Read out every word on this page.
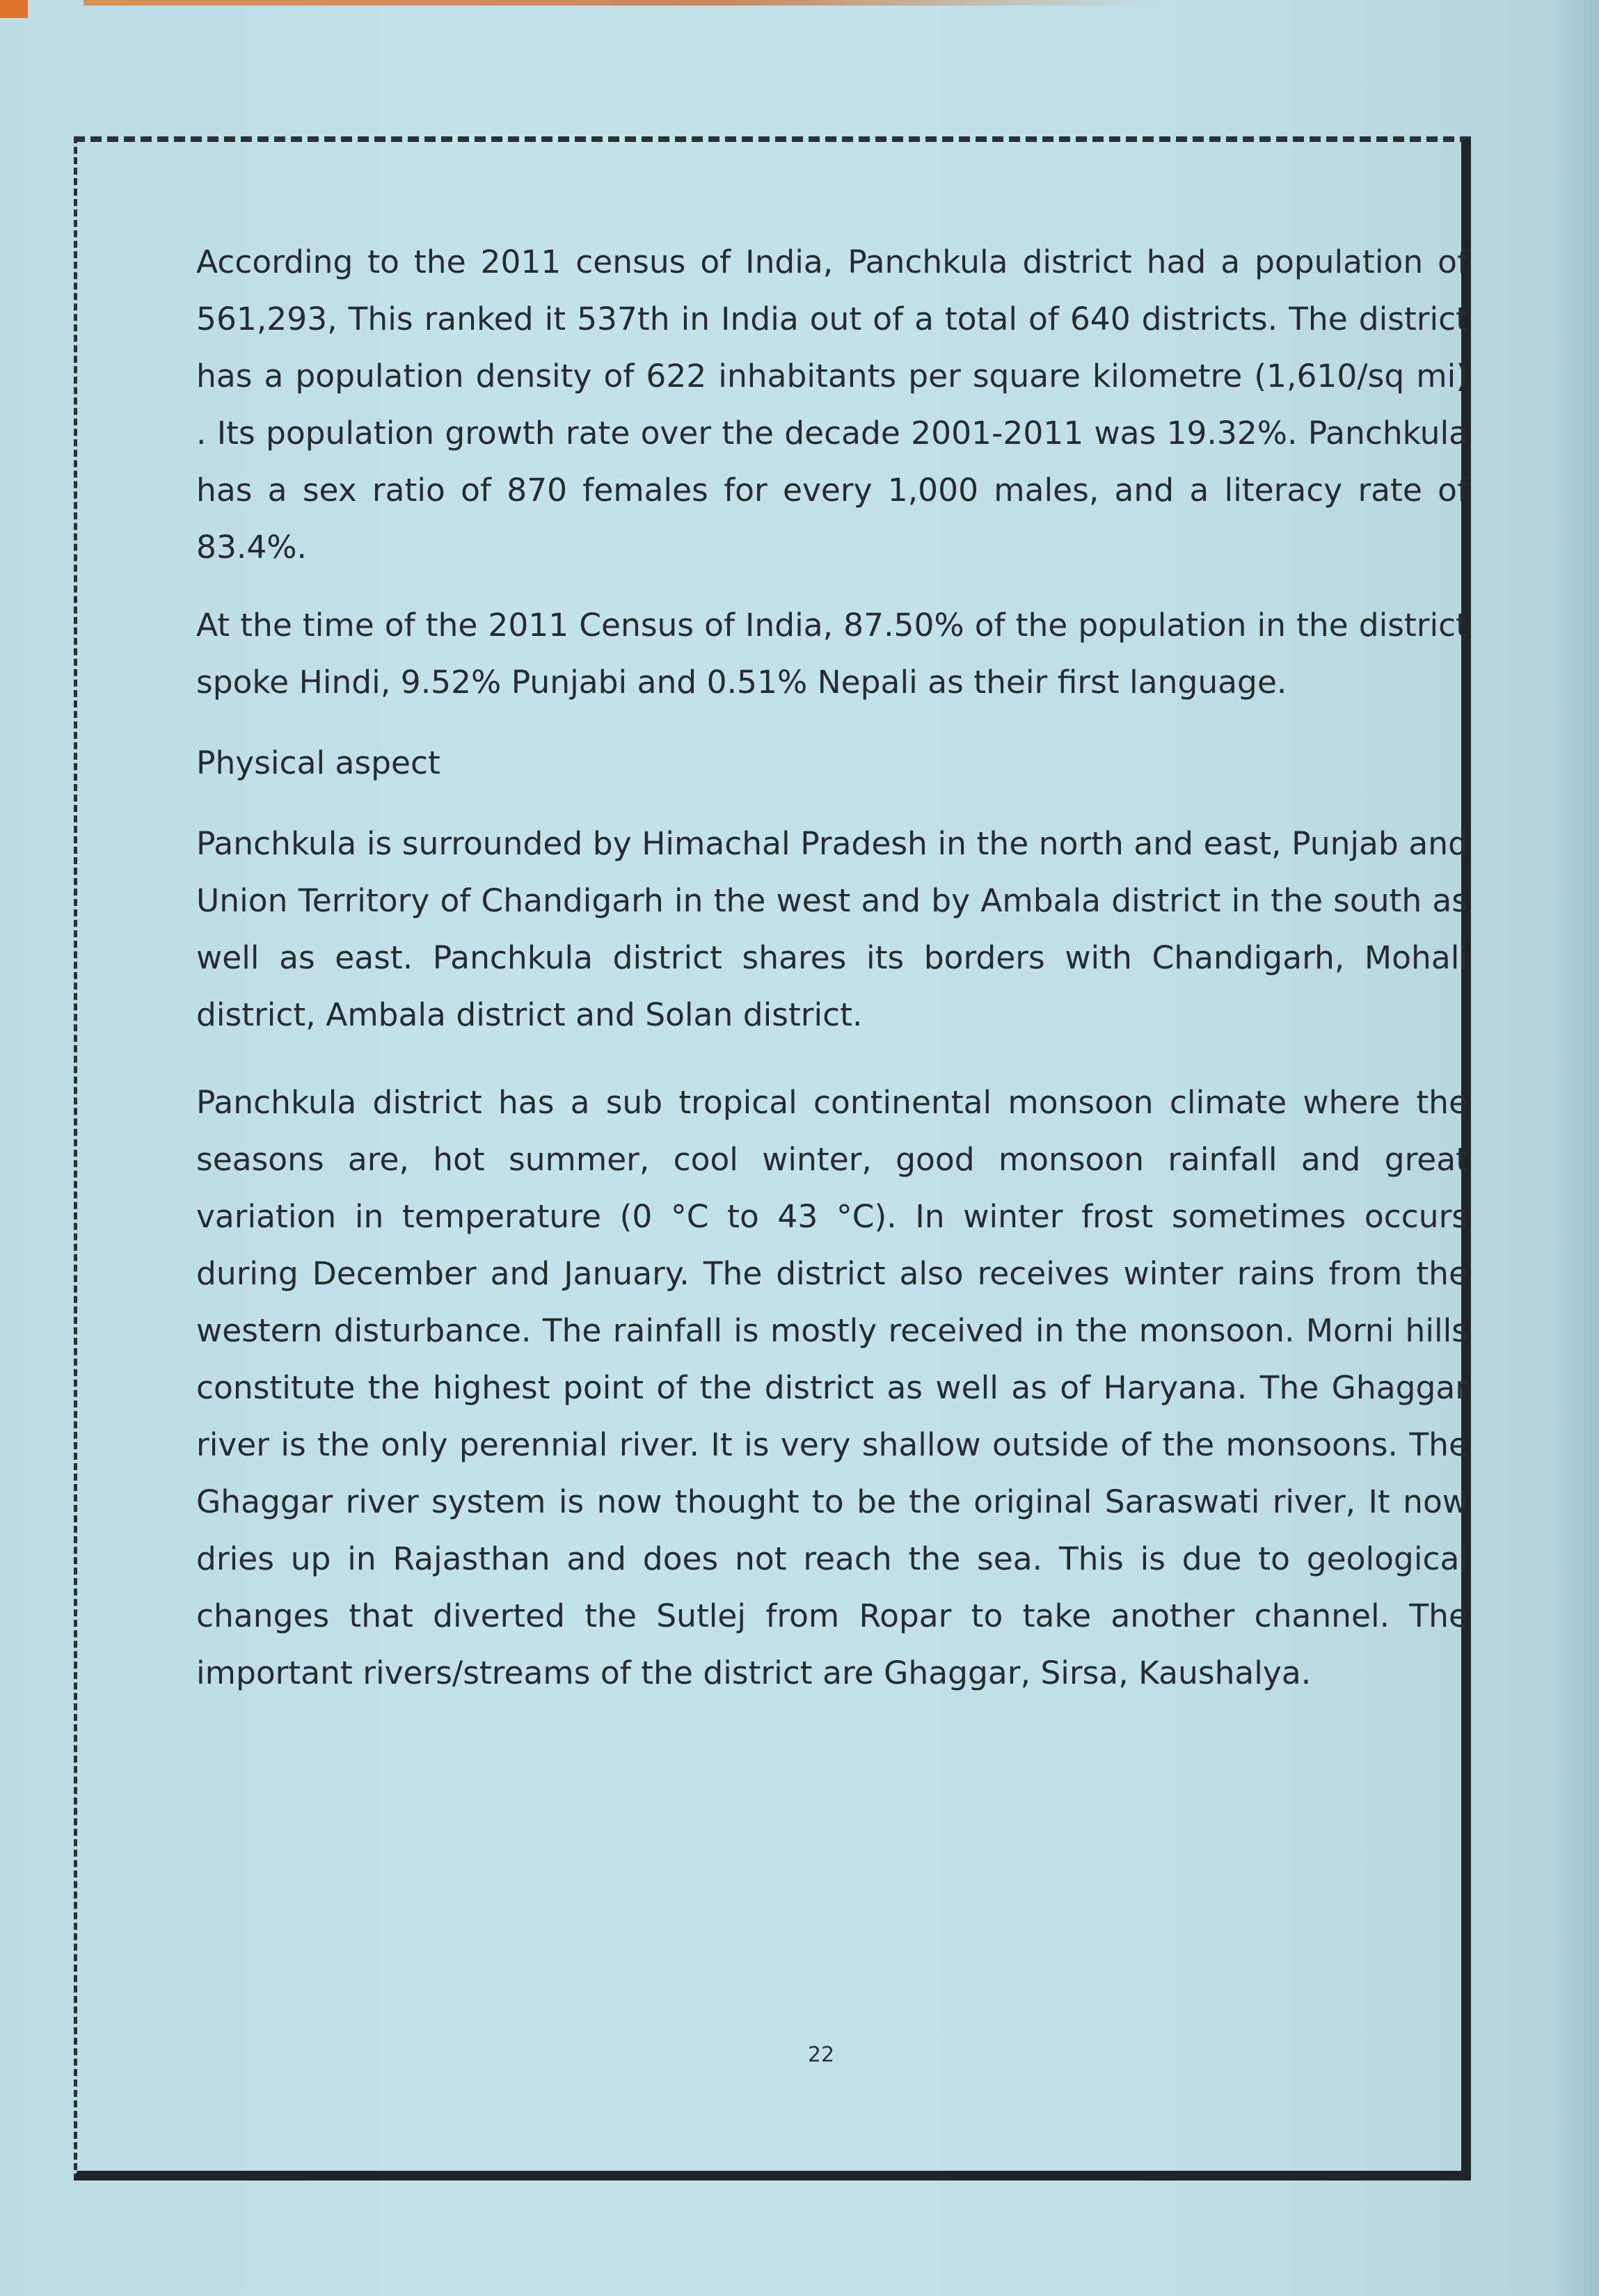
According to the 2011 census of India, Panchkula district had a population of 561,293, This ranked it 537th in India out of a total of 640 districts. The district has a population density of 622 inhabitants per square kilometre (1,610/sq mi) . Its population growth rate over the decade 2001-2011 was 19.32%. Panchkula has a sex ratio of 870 females for every 1,000 males, and a literacy rate of 83.4%.

At the time of the 2011 Census of India, 87.50% of the population in the district spoke Hindi, 9.52% Punjabi and 0.51% Nepali as their first language.

Physical aspect

Panchkula is surrounded by Himachal Pradesh in the north and east, Punjab and Union Territory of Chandigarh in the west and by Ambala district in the south as well as east. Panchkula district shares its borders with Chandigarh, Mohali district, Ambala district and Solan district.

Panchkula district has a sub tropical continental monsoon climate where the seasons are, hot summer, cool winter, good monsoon rainfall and great variation in temperature (0 °C to 43 °C). In winter frost sometimes occurs during December and January. The district also receives winter rains from the western disturbance. The rainfall is mostly received in the monsoon. Morni hills constitute the highest point of the district as well as of Haryana. The Ghaggar river is the only perennial river. It is very shallow outside of the monsoons. The Ghaggar river system is now thought to be the original Saraswati river, It now dries up in Rajasthan and does not reach the sea. This is due to geological changes that diverted the Sutlej from Ropar to take another channel. The important rivers/streams of the district are Ghaggar, Sirsa, Kaushalya.

22
